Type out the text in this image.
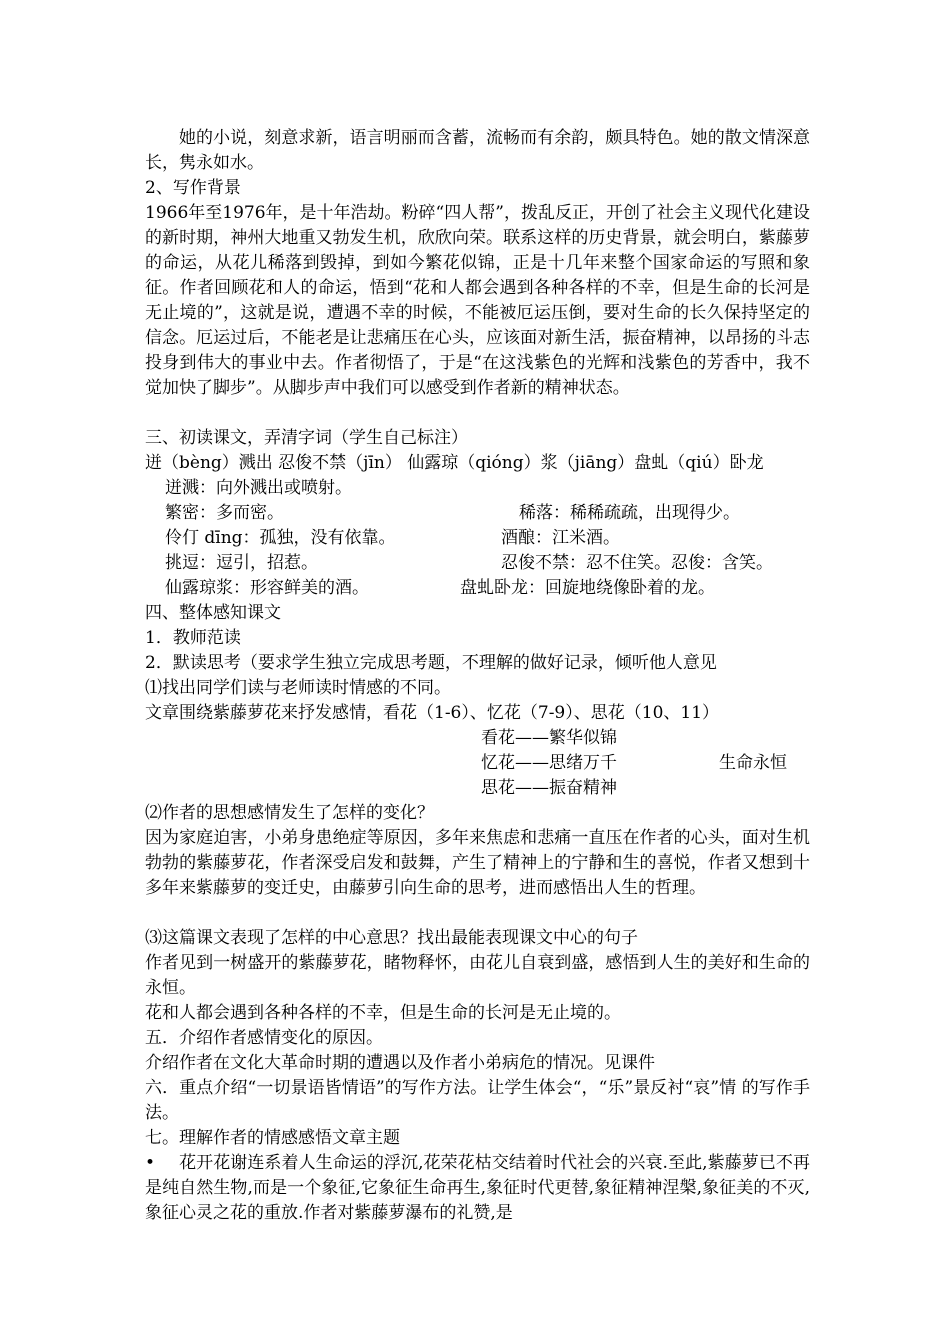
她的小说，刻意求新，语言明丽而含蓄，流畅而有余韵，颇具特色。她的散文情深意长，隽永如水。
2、写作背景
1966年至1976年，是十年浩劫。粉碎“四人帮”，拨乱反正，开创了社会主义现代化建设的新时期，神州大地重又勃发生机，欣欣向荣。联系这样的历史背景，就会明白，紫藤萝的命运，从花儿稀落到毁掉，到如今繁花似锦，正是十几年来整个国家命运的写照和象征。作者回顾花和人的命运，悟到“花和人都会遇到各种各样的不幸，但是生命的长河是无止境的”，这就是说，遭遇不幸的时候，不能被厄运压倒，要对生命的长久保持坚定的信念。厄运过后，不能老是让悲痛压在心头，应该面对新生活，振奋精神，以昂扬的斗志投身到伟大的事业中去。作者彻悟了，于是“在这浅紫色的光辉和浅紫色的芳香中，我不觉加快了脚步”。从脚步声中我们可以感受到作者新的精神状态。
三、初读课文，弄清字词（学生自己标注）
迸（bèng）溅出 忍俊不禁（jīn） 仙露琼（qióng）浆（jiāng）盘虬（qiú）卧龙
迸溅：向外溅出或喷射。
繁密：多而密。	稀落：稀稀疏疏，出现得少。
伶仃 dīng：孤独，没有依靠。	酒酿：江米酒。
挑逗：逗引，招惹。	忍俊不禁：忍不住笑。忍俊：含笑。
仙露琼浆：形容鲜美的酒。	盘虬卧龙：回旋地绕像卧着的龙。
四、整体感知课文
1．教师范读
2．默读思考（要求学生独立完成思考题，不理解的做好记录，倾听他人意见
⑴找出同学们读与老师读时情感的不同。
文章围绕紫藤萝花来抒发感情，看花（1-6）、忆花（7-9）、思花（10、11）
看花——繁华似锦
忆花——思绪万千	生命永恒
思花——振奋精神
⑵作者的思想感情发生了怎样的变化？
因为家庭迫害，小弟身患绝症等原因，多年来焦虑和悲痛一直压在作者的心头，面对生机勃勃的紫藤萝花，作者深受启发和鼓舞，产生了精神上的宁静和生的喜悦，作者又想到十多年来紫藤萝的变迁史，由藤萝引向生命的思考，进而感悟出人生的哲理。
⑶这篇课文表现了怎样的中心意思？找出最能表现课文中心的句子
作者见到一树盛开的紫藤萝花，睹物释怀，由花儿自衰到盛，感悟到人生的美好和生命的永恒。
花和人都会遇到各种各样的不幸，但是生命的长河是无止境的。
五．介绍作者感情变化的原因。
介绍作者在文化大革命时期的遭遇以及作者小弟病危的情况。见课件
六．重点介绍“一切景语皆情语”的写作方法。让学生体会“，“乐”景反衬“哀”情 的写作手法。
七。理解作者的情感感悟文章主题
• 花开花谢连系着人生命运的浮沉,花荣花枯交结着时代社会的兴衰.至此,紫藤萝已不再是纯自然生物,而是一个象征,它象征生命再生,象征时代更替,象征精神涅槃,象征美的不灭,象征心灵之花的重放.作者对紫藤萝瀑布的礼赞,是
